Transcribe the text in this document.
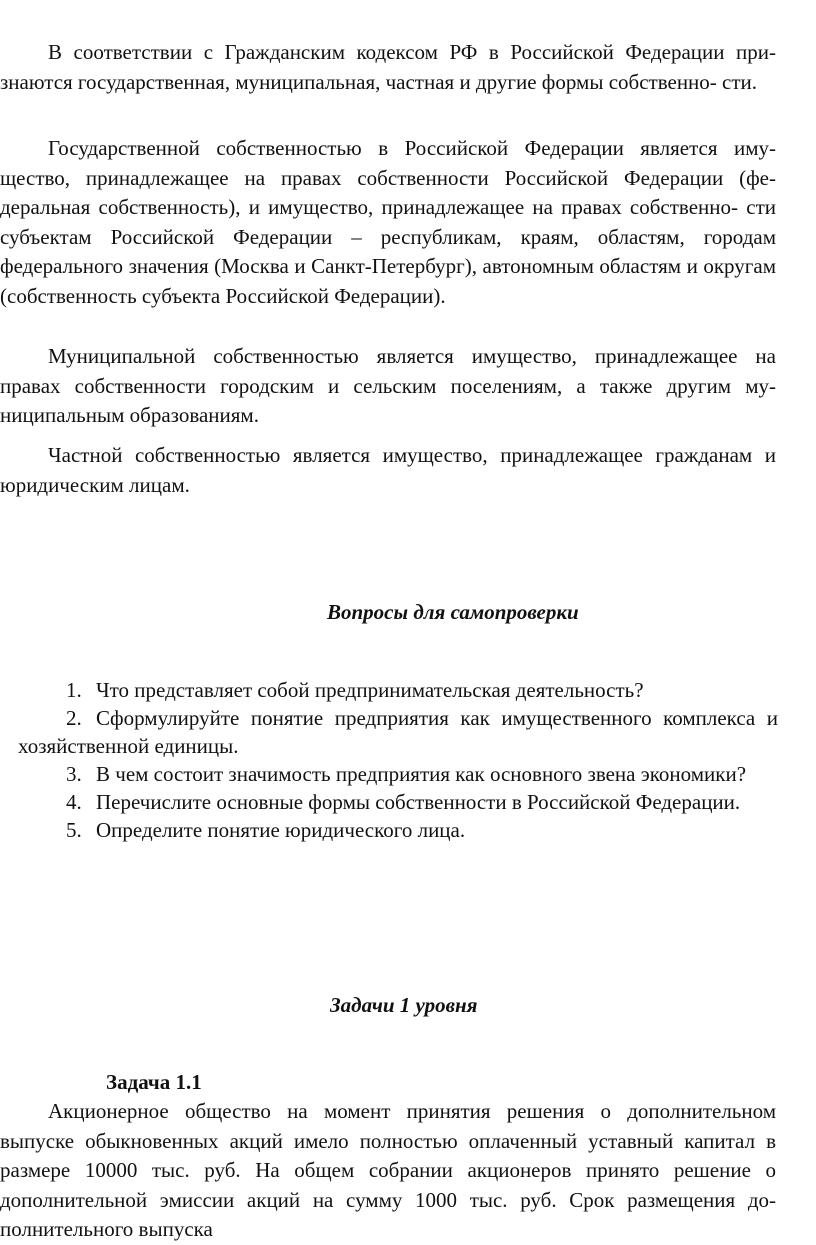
В соответствии с Гражданским кодексом РФ в Российской Федерации при- знаются государственная, муниципальная, частная и другие формы собственно- сти.

Государственной собственностью в Российской Федерации является иму- щество, принадлежащее на правах собственности Российской Федерации (фе- деральная собственность), и имущество, принадлежащее на правах собственно- сти субъектам Российской Федерации – республикам, краям, областям, городам федерального значения (Москва и Санкт-Петербург), автономным областям и округам (собственность субъекта Российской Федерации).

Муниципальной собственностью является имущество, принадлежащее на правах собственности городским и сельским поселениям, а также другим му- ниципальным образованиям.

Частной собственностью является имущество, принадлежащее гражданам и юридическим лицам.

Вопросы для самопроверки
1. Что представляет собой предпринимательская деятельность?
2. Сформулируйте понятие предприятия как имущественного комплекса и хозяйственной единицы.
3. В чем состоит значимость предприятия как основного звена экономики?
4. Перечислите основные формы собственности в Российской Федерации.
5. Определите понятие юридического лица.
Задачи 1 уровня
Задача 1.1

Акционерное общество на момент принятия решения о дополнительном выпуске обыкновенных акций имело полностью оплаченный уставный капитал в размере 10000 тыс. руб. На общем собрании акционеров принято решение о дополнительной эмиссии акций на сумму 1000 тыс. руб. Срок размещения до- полнительного выпуска
